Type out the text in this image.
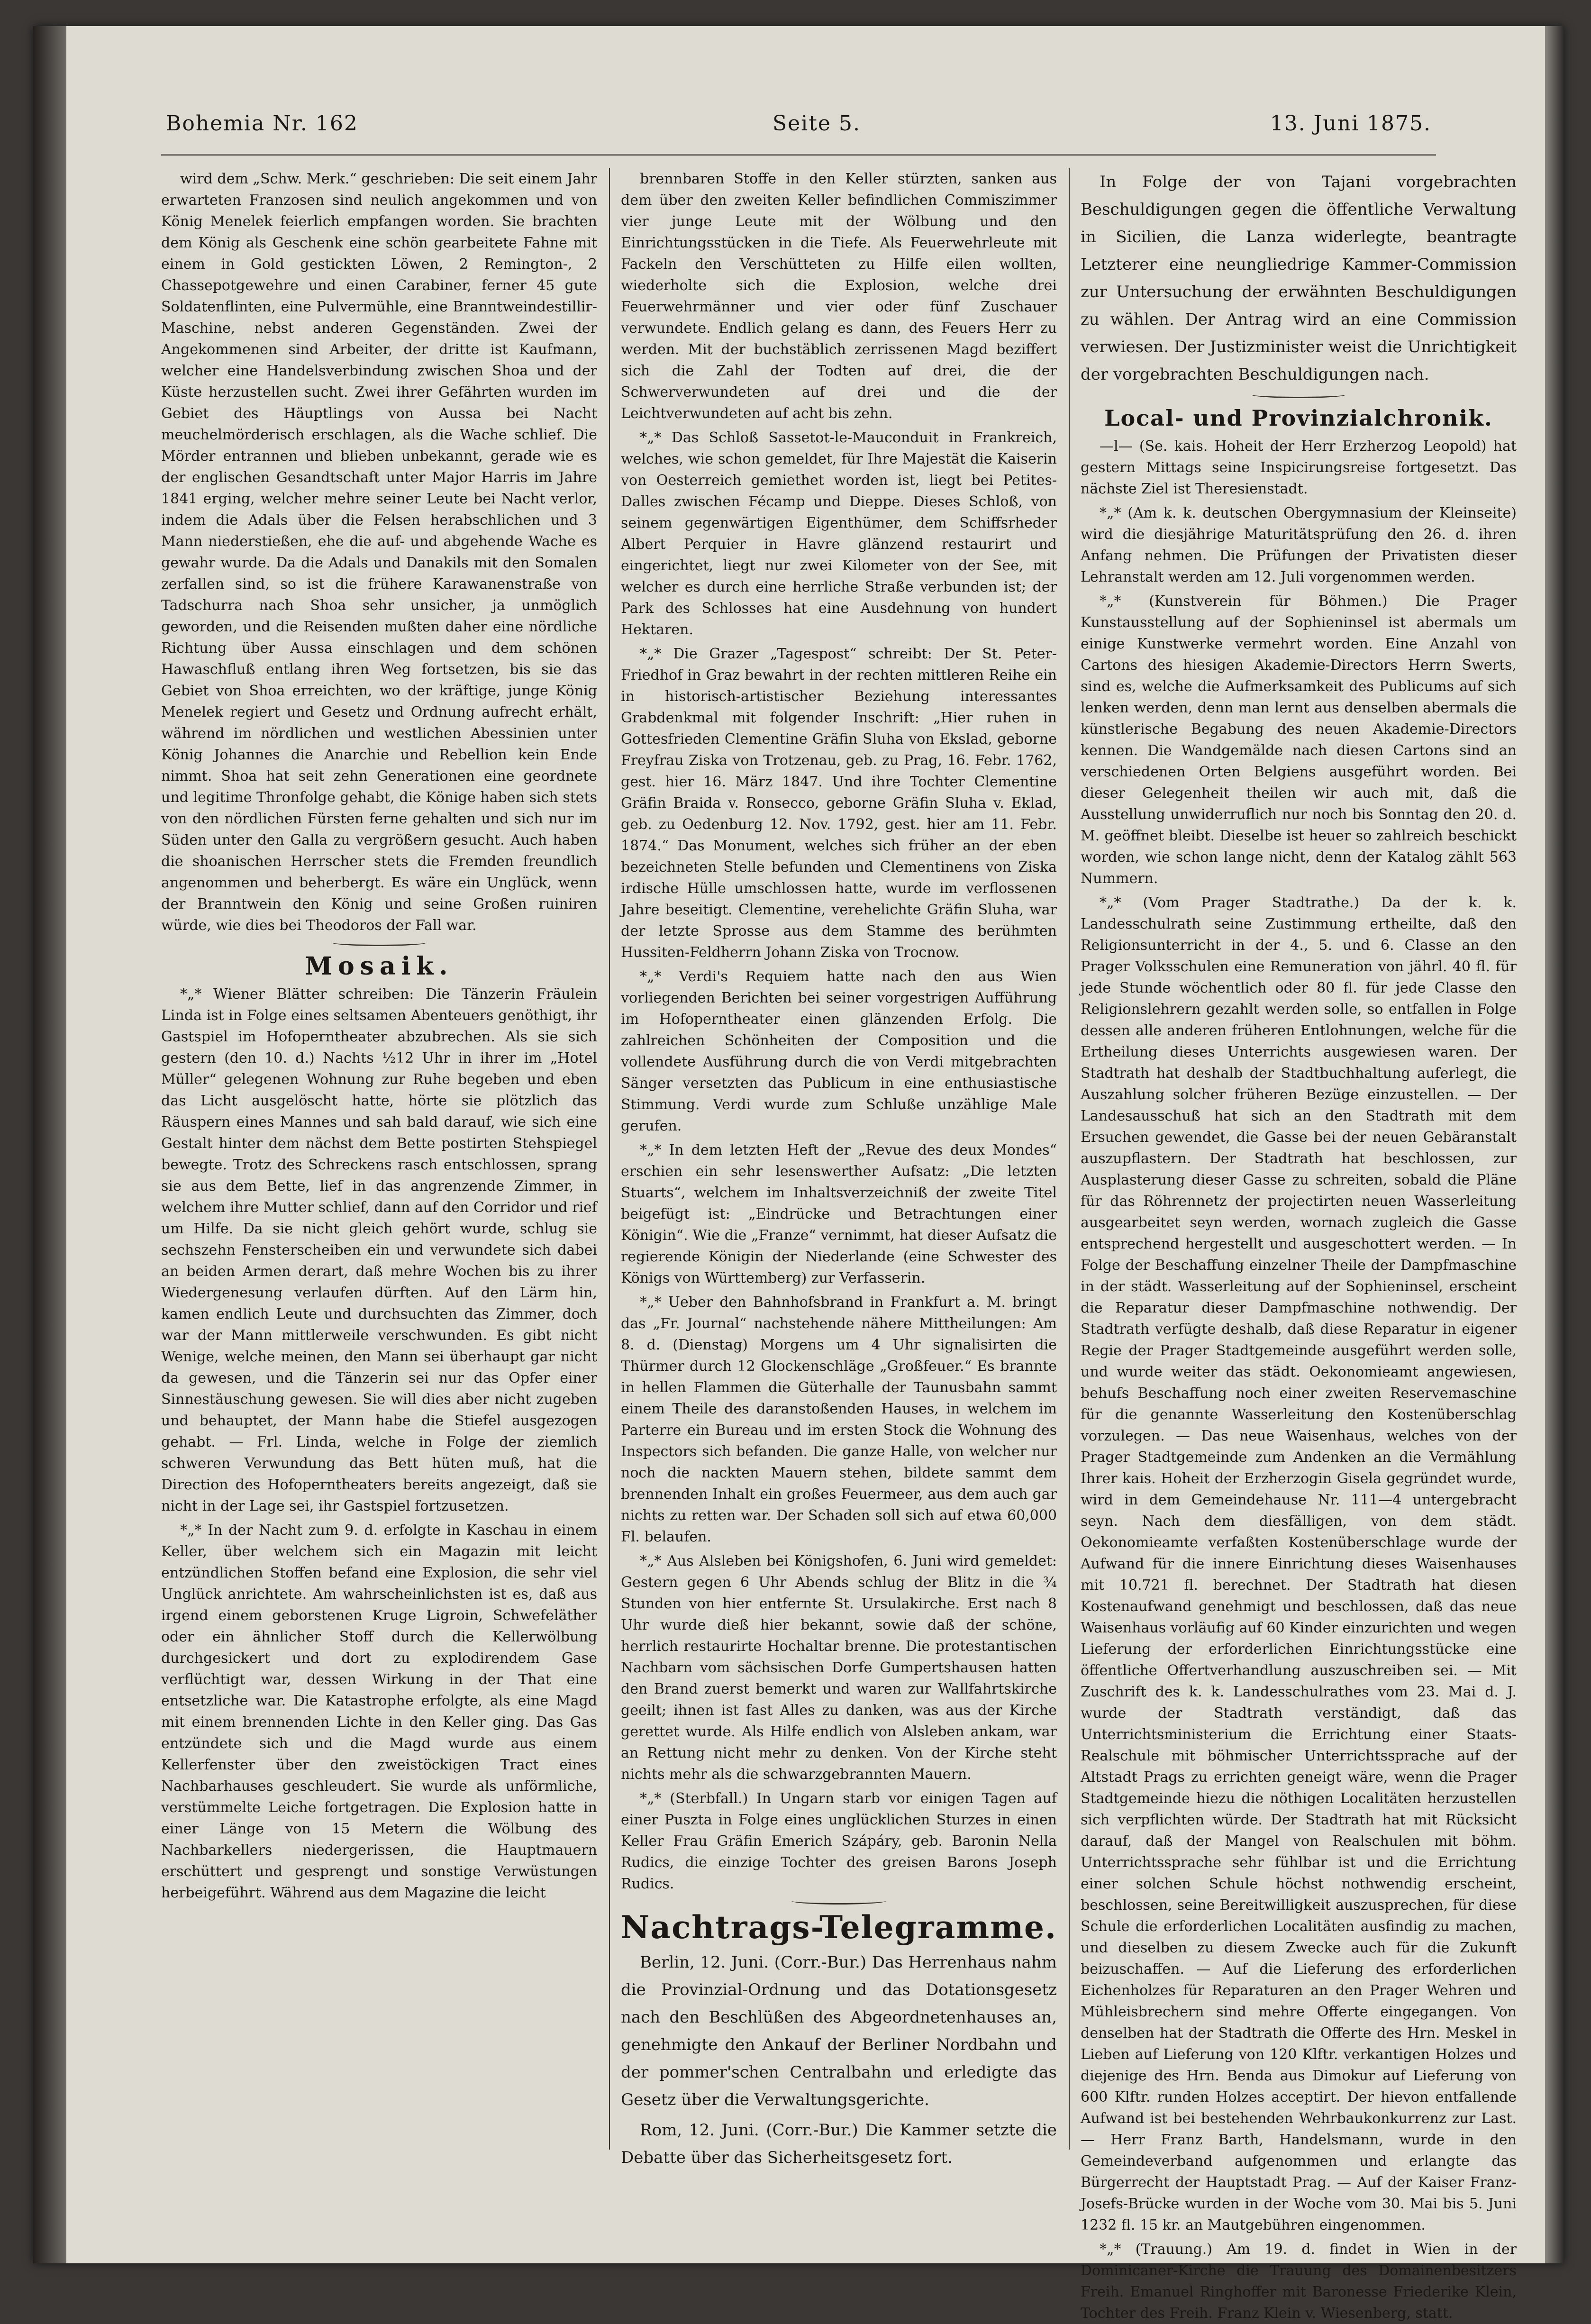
Bohemia Nr. 162	Seite 5.	13. Juni 1875.

wird dem „Schw. Merk.“ geschrieben: Die seit einem Jahr erwarteten Franzosen sind neulich angekommen und von König Menelek feierlich empfangen worden. Sie brachten dem König als Geschenk eine schön gearbeitete Fahne mit einem in Gold gestickten Löwen, 2 Remington-, 2 Chassepotgewehre und einen Carabiner, ferner 45 gute Soldatenflinten, eine Pulvermühle, eine Branntweindestillir-Maschine, nebst anderen Gegenständen. Zwei der Angekommenen sind Arbeiter, der dritte ist Kaufmann, welcher eine Handelsverbindung zwischen Shoa und der Küste herzustellen sucht. Zwei ihrer Gefährten wurden im Gebiet des Häuptlings von Aussa bei Nacht meuchelmörderisch erschlagen, als die Wache schlief. Die Mörder entrannen und blieben unbekannt, gerade wie es der englischen Gesandtschaft unter Major Harris im Jahre 1841 erging, welcher mehre seiner Leute bei Nacht verlor, indem die Adals über die Felsen herabschlichen und 3 Mann niederstießen, ehe die auf- und abgehende Wache es gewahr wurde. Da die Adals und Danakils mit den Somalen zerfallen sind, so ist die frühere Karawanenstraße von Tadschurra nach Shoa sehr unsicher, ja unmöglich geworden, und die Reisenden mußten daher eine nördliche Richtung über Aussa einschlagen und dem schönen Hawaschfluß entlang ihren Weg fortsetzen, bis sie das Gebiet von Shoa erreichten, wo der kräftige, junge König Menelek regiert und Gesetz und Ordnung aufrecht erhält, während im nördlichen und westlichen Abessinien unter König Johannes die Anarchie und Rebellion kein Ende nimmt. Shoa hat seit zehn Generationen eine geordnete und legitime Thronfolge gehabt, die Könige haben sich stets von den nördlichen Fürsten ferne gehalten und sich nur im Süden unter den Galla zu vergrößern gesucht. Auch haben die shoanischen Herrscher stets die Fremden freundlich angenommen und beherbergt. Es wäre ein Unglück, wenn der Branntwein den König und seine Großen ruiniren würde, wie dies bei Theodoros der Fall war.

Mosaik.

*„* Wiener Blätter schreiben: Die Tänzerin Fräulein Linda ist in Folge eines seltsamen Abenteuers genöthigt, ihr Gastspiel im Hofoperntheater abzubrechen. Als sie sich gestern (den 10. d.) Nachts ½12 Uhr in ihrer im „Hotel Müller“ gelegenen Wohnung zur Ruhe begeben und eben das Licht ausgelöscht hatte, hörte sie plötzlich das Räuspern eines Mannes und sah bald darauf, wie sich eine Gestalt hinter dem nächst dem Bette postirten Stehspiegel bewegte. Trotz des Schreckens rasch entschlossen, sprang sie aus dem Bette, lief in das angrenzende Zimmer, in welchem ihre Mutter schlief, dann auf den Corridor und rief um Hilfe. Da sie nicht gleich gehört wurde, schlug sie sechszehn Fensterscheiben ein und verwundete sich dabei an beiden Armen derart, daß mehre Wochen bis zu ihrer Wiedergenesung verlaufen dürften. Auf den Lärm hin, kamen endlich Leute und durchsuchten das Zimmer, doch war der Mann mittlerweile verschwunden. Es gibt nicht Wenige, welche meinen, den Mann sei überhaupt gar nicht da gewesen, und die Tänzerin sei nur das Opfer einer Sinnestäuschung gewesen. Sie will dies aber nicht zugeben und behauptet, der Mann habe die Stiefel ausgezogen gehabt. — Frl. Linda, welche in Folge der ziemlich schweren Verwundung das Bett hüten muß, hat die Direction des Hofoperntheaters bereits angezeigt, daß sie nicht in der Lage sei, ihr Gastspiel fortzusetzen.

*„* In der Nacht zum 9. d. erfolgte in Kaschau in einem Keller, über welchem sich ein Magazin mit leicht entzündlichen Stoffen befand eine Explosion, die sehr viel Unglück anrichtete. Am wahrscheinlichsten ist es, daß aus irgend einem geborstenen Kruge Ligroin, Schwefeläther oder ein ähnlicher Stoff durch die Kellerwölbung durchgesickert und dort zu explodirendem Gase verflüchtigt war, dessen Wirkung in der That eine entsetzliche war. Die Katastrophe erfolgte, als eine Magd mit einem brennenden Lichte in den Keller ging. Das Gas entzündete sich und die Magd wurde aus einem Kellerfenster über den zweistöckigen Tract eines Nachbarhauses geschleudert. Sie wurde als unförmliche, verstümmelte Leiche fortgetragen. Die Explosion hatte in einer Länge von 15 Metern die Wölbung des Nachbarkellers niedergerissen, die Hauptmauern erschüttert und gesprengt und sonstige Verwüstungen herbeigeführt. Während aus dem Magazine die leicht

brennbaren Stoffe in den Keller stürzten, sanken aus dem über den zweiten Keller befindlichen Commiszimmer vier junge Leute mit der Wölbung und den Einrichtungsstücken in die Tiefe. Als Feuerwehrleute mit Fackeln den Verschütteten zu Hilfe eilen wollten, wiederholte sich die Explosion, welche drei Feuerwehrmänner und vier oder fünf Zuschauer verwundete. Endlich gelang es dann, des Feuers Herr zu werden. Mit der buchstäblich zerrissenen Magd beziffert sich die Zahl der Todten auf drei, die der Schwerverwundeten auf drei und die der Leichtverwundeten auf acht bis zehn.

*„* Das Schloß Sassetot-le-Mauconduit in Frankreich, welches, wie schon gemeldet, für Ihre Majestät die Kaiserin von Oesterreich gemiethet worden ist, liegt bei Petites-Dalles zwischen Fécamp und Dieppe. Dieses Schloß, von seinem gegenwärtigen Eigenthümer, dem Schiffsrheder Albert Perquier in Havre glänzend restaurirt und eingerichtet, liegt nur zwei Kilometer von der See, mit welcher es durch eine herrliche Straße verbunden ist; der Park des Schlosses hat eine Ausdehnung von hundert Hektaren.

*„* Die Grazer „Tagespost“ schreibt: Der St. Peter-Friedhof in Graz bewahrt in der rechten mittleren Reihe ein in historisch-artistischer Beziehung interessantes Grabdenkmal mit folgender Inschrift: „Hier ruhen in Gottesfrieden Clementine Gräfin Sluha von Ekslad, geborne Freyfrau Ziska von Trotzenau, geb. zu Prag, 16. Febr. 1762, gest. hier 16. März 1847. Und ihre Tochter Clementine Gräfin Braida v. Ronsecco, geborne Gräfin Sluha v. Eklad, geb. zu Oedenburg 12. Nov. 1792, gest. hier am 11. Febr. 1874.“ Das Monument, welches sich früher an der eben bezeichneten Stelle befunden und Clementinens von Ziska irdische Hülle umschlossen hatte, wurde im verflossenen Jahre beseitigt. Clementine, verehelichte Gräfin Sluha, war der letzte Sprosse aus dem Stamme des berühmten Hussiten-Feldherrn Johann Ziska von Trocnow.

*„* Verdi's Requiem hatte nach den aus Wien vorliegenden Berichten bei seiner vorgestrigen Aufführung im Hofoperntheater einen glänzenden Erfolg. Die zahlreichen Schönheiten der Composition und die vollendete Ausführung durch die von Verdi mitgebrachten Sänger versetzten das Publicum in eine enthusiastische Stimmung. Verdi wurde zum Schluße unzählige Male gerufen.

*„* In dem letzten Heft der „Revue des deux Mondes“ erschien ein sehr lesenswerther Aufsatz: „Die letzten Stuarts“, welchem im Inhaltsverzeichniß der zweite Titel beigefügt ist: „Eindrücke und Betrachtungen einer Königin“. Wie die „Franze“ vernimmt, hat dieser Aufsatz die regierende Königin der Niederlande (eine Schwester des Königs von Württemberg) zur Verfasserin.

*„* Ueber den Bahnhofsbrand in Frankfurt a. M. bringt das „Fr. Journal“ nachstehende nähere Mittheilungen: Am 8. d. (Dienstag) Morgens um 4 Uhr signalisirten die Thürmer durch 12 Glockenschläge „Großfeuer.“ Es brannte in hellen Flammen die Güterhalle der Taunusbahn sammt einem Theile des daranstoßenden Hauses, in welchem im Parterre ein Bureau und im ersten Stock die Wohnung des Inspectors sich befanden. Die ganze Halle, von welcher nur noch die nackten Mauern stehen, bildete sammt dem brennenden Inhalt ein großes Feuermeer, aus dem auch gar nichts zu retten war. Der Schaden soll sich auf etwa 60,000 Fl. belaufen.

*„* Aus Alsleben bei Königshofen, 6. Juni wird gemeldet: Gestern gegen 6 Uhr Abends schlug der Blitz in die ¾ Stunden von hier entfernte St. Ursulakirche. Erst nach 8 Uhr wurde dieß hier bekannt, sowie daß der schöne, herrlich restaurirte Hochaltar brenne. Die protestantischen Nachbarn vom sächsischen Dorfe Gumpertshausen hatten den Brand zuerst bemerkt und waren zur Wallfahrtskirche geeilt; ihnen ist fast Alles zu danken, was aus der Kirche gerettet wurde. Als Hilfe endlich von Alsleben ankam, war an Rettung nicht mehr zu denken. Von der Kirche steht nichts mehr als die schwarzgebrannten Mauern.

*„* (Sterbfall.) In Ungarn starb vor einigen Tagen auf einer Puszta in Folge eines unglücklichen Sturzes in einen Keller Frau Gräfin Emerich Szápáry, geb. Baronin Nella Rudics, die einzige Tochter des greisen Barons Joseph Rudics.

Nachtrags-Telegramme.

Berlin, 12. Juni. (Corr.-Bur.) Das Herrenhaus nahm die Provinzial-Ordnung und das Dotationsgesetz nach den Beschlüßen des Abgeordnetenhauses an, genehmigte den Ankauf der Berliner Nordbahn und der pommer'schen Centralbahn und erledigte das Gesetz über die Verwaltungsgerichte.

Rom, 12. Juni. (Corr.-Bur.) Die Kammer setzte die Debatte über das Sicherheitsgesetz fort.

In Folge der von Tajani vorgebrachten Beschuldigungen gegen die öffentliche Verwaltung in Sicilien, die Lanza widerlegte, beantragte Letzterer eine neungliedrige Kammer-Commission zur Untersuchung der erwähnten Beschuldigungen zu wählen. Der Antrag wird an eine Commission verwiesen. Der Justizminister weist die Unrichtigkeit der vorgebrachten Beschuldigungen nach.

Local- und Provinzialchronik.

—l— (Se. kais. Hoheit der Herr Erzherzog Leopold) hat gestern Mittags seine Inspicirungsreise fortgesetzt. Das nächste Ziel ist Theresienstadt.

*„* (Am k. k. deutschen Obergymnasium der Kleinseite) wird die diesjährige Maturitätsprüfung den 26. d. ihren Anfang nehmen. Die Prüfungen der Privatisten dieser Lehranstalt werden am 12. Juli vorgenommen werden.

*„* (Kunstverein für Böhmen.) Die Prager Kunstausstellung auf der Sophieninsel ist abermals um einige Kunstwerke vermehrt worden. Eine Anzahl von Cartons des hiesigen Akademie-Directors Herrn Swerts, sind es, welche die Aufmerksamkeit des Publicums auf sich lenken werden, denn man lernt aus denselben abermals die künstlerische Begabung des neuen Akademie-Directors kennen. Die Wandgemälde nach diesen Cartons sind an verschiedenen Orten Belgiens ausgeführt worden. Bei dieser Gelegenheit theilen wir auch mit, daß die Ausstellung unwiderruflich nur noch bis Sonntag den 20. d. M. geöffnet bleibt. Dieselbe ist heuer so zahlreich beschickt worden, wie schon lange nicht, denn der Katalog zählt 563 Nummern.

*„* (Vom Prager Stadtrathe.) Da der k. k. Landesschulrath seine Zustimmung ertheilte, daß den Religionsunterricht in der 4., 5. und 6. Classe an den Prager Volksschulen eine Remuneration von jährl. 40 fl. für jede Stunde wöchentlich oder 80 fl. für jede Classe den Religionslehrern gezahlt werden solle, so entfallen in Folge dessen alle anderen früheren Entlohnungen, welche für die Ertheilung dieses Unterrichts ausgewiesen waren. Der Stadtrath hat deshalb der Stadtbuchhaltung auferlegt, die Auszahlung solcher früheren Bezüge einzustellen. — Der Landesausschuß hat sich an den Stadtrath mit dem Ersuchen gewendet, die Gasse bei der neuen Gebäranstalt auszupflastern. Der Stadtrath hat beschlossen, zur Ausplasterung dieser Gasse zu schreiten, sobald die Pläne für das Röhrennetz der projectirten neuen Wasserleitung ausgearbeitet seyn werden, wornach zugleich die Gasse entsprechend hergestellt und ausgeschottert werden. — In Folge der Beschaffung einzelner Theile der Dampfmaschine in der städt. Wasserleitung auf der Sophieninsel, erscheint die Reparatur dieser Dampfmaschine nothwendig. Der Stadtrath verfügte deshalb, daß diese Reparatur in eigener Regie der Prager Stadtgemeinde ausgeführt werden solle, und wurde weiter das städt. Oekonomieamt angewiesen, behufs Beschaffung noch einer zweiten Reservemaschine für die genannte Wasserleitung den Kostenüberschlag vorzulegen. — Das neue Waisenhaus, welches von der Prager Stadtgemeinde zum Andenken an die Vermählung Ihrer kais. Hoheit der Erzherzogin Gisela gegründet wurde, wird in dem Gemeindehause Nr. 111—4 untergebracht seyn. Nach dem diesfälligen, von dem städt. Oekonomieamte verfaßten Kostenüberschlage wurde der Aufwand für die innere Einrichtung dieses Waisenhauses mit 10.721 fl. berechnet. Der Stadtrath hat diesen Kostenaufwand genehmigt und beschlossen, daß das neue Waisenhaus vorläufig auf 60 Kinder einzurichten und wegen Lieferung der erforderlichen Einrichtungsstücke eine öffentliche Offertverhandlung auszuschreiben sei. — Mit Zuschrift des k. k. Landesschulrathes vom 23. Mai d. J. wurde der Stadtrath verständigt, daß das Unterrichtsministerium die Errichtung einer Staats-Realschule mit böhmischer Unterrichtssprache auf der Altstadt Prags zu errichten geneigt wäre, wenn die Prager Stadtgemeinde hiezu die nöthigen Localitäten herzustellen sich verpflichten würde. Der Stadtrath hat mit Rücksicht darauf, daß der Mangel von Realschulen mit böhm. Unterrichtssprache sehr fühlbar ist und die Errichtung einer solchen Schule höchst nothwendig erscheint, beschlossen, seine Bereitwilligkeit auszusprechen, für diese Schule die erforderlichen Localitäten ausfindig zu machen, und dieselben zu diesem Zwecke auch für die Zukunft beizuschaffen. — Auf die Lieferung des erforderlichen Eichenholzes für Reparaturen an den Prager Wehren und Mühleisbrechern sind mehre Offerte eingegangen. Von denselben hat der Stadtrath die Offerte des Hrn. Meskel in Lieben auf Lieferung von 120 Klftr. verkantigen Holzes und diejenige des Hrn. Benda aus Dimokur auf Lieferung von 600 Klftr. runden Holzes acceptirt. Der hievon entfallende Aufwand ist bei bestehenden Wehrbaukonkurrenz zur Last. — Herr Franz Barth, Handelsmann, wurde in den Gemeindeverband aufgenommen und erlangte das Bürgerrecht der Hauptstadt Prag. — Auf der Kaiser Franz-Josefs-Brücke wurden in der Woche vom 30. Mai bis 5. Juni 1232 fl. 15 kr. an Mautgebühren eingenommen.

*„* (Trauung.) Am 19. d. findet in Wien in der Dominicaner-Kirche die Trauung des Domainenbesitzers Freih. Emanuel Ringhoffer mit Baronesse Friederike Klein, Tochter des Freih. Franz Klein v. Wiesenberg, statt.
